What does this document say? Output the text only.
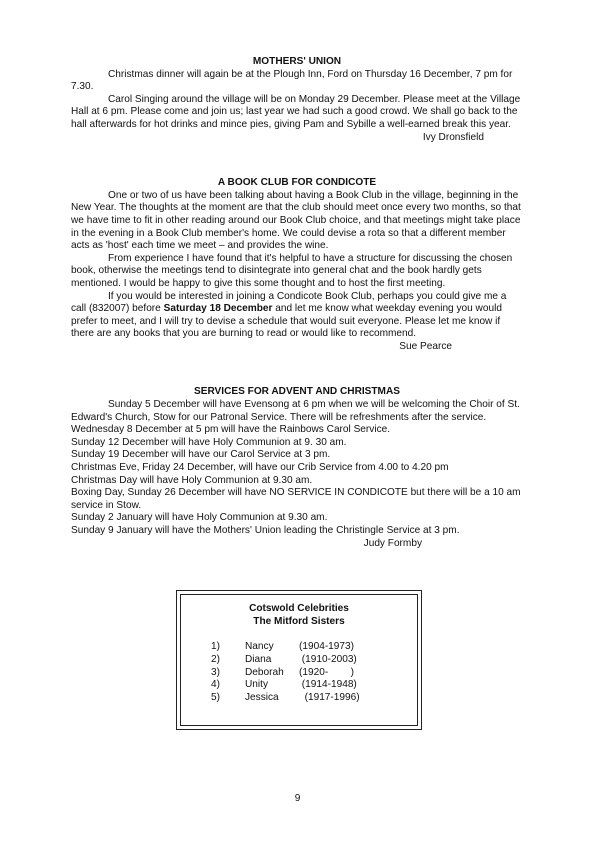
MOTHERS' UNION

Christmas dinner will again be at the Plough Inn, Ford on Thursday 16 December, 7 pm for 7.30.

Carol Singing around the village will be on Monday 29 December. Please meet at the Village Hall at 6 pm. Please come and join us; last year we had such a good crowd. We shall go back to the hall afterwards for hot drinks and mince pies, giving Pam and Sybille a well-earned break this year.

Ivy Dronsfield
A BOOK CLUB FOR CONDICOTE

One or two of us have been talking about having a Book Club in the village, beginning in the New Year. The thoughts at the moment are that the club should meet once every two months, so that we have time to fit in other reading around our Book Club choice, and that meetings might take place in the evening in a Book Club member's home. We could devise a rota so that a different member acts as 'host' each time we meet – and provides the wine.

From experience I have found that it's helpful to have a structure for discussing the chosen book, otherwise the meetings tend to disintegrate into general chat and the book hardly gets mentioned. I would be happy to give this some thought and to host the first meeting.

If you would be interested in joining a Condicote Book Club, perhaps you could give me a call (832007) before Saturday 18 December and let me know what weekday evening you would prefer to meet, and I will try to devise a schedule that would suit everyone. Please let me know if there are any books that you are burning to read or would like to recommend.

Sue Pearce
SERVICES FOR ADVENT AND CHRISTMAS

Sunday 5 December will have Evensong at 6 pm when we will be welcoming the Choir of St. Edward's Church, Stow for our Patronal Service. There will be refreshments after the service.

Wednesday 8 December at 5 pm will have the Rainbows Carol Service.

Sunday 12 December will have Holy Communion at 9. 30 am.

Sunday 19 December will have our Carol Service at 3 pm.

Christmas Eve, Friday 24 December, will have our Crib Service from 4.00 to 4.20 pm

Christmas Day will have Holy Communion at 9.30 am.

Boxing Day, Sunday 26 December will have NO SERVICE IN CONDICOTE but there will be a 10 am service in Stow.

Sunday 2 January will have Holy Communion at 9.30 am.

Sunday 9 January will have the Mothers' Union leading the Christingle Service at 3 pm.

Judy Formby
Cotswold Celebrities
The Mitford Sisters
1) Nancy	(1904-1973)
2) Diana	(1910-2003)
3) Deborah (1920-        )
4) Unity	(1914-1948)
5) Jessica (1917-1996)
9
